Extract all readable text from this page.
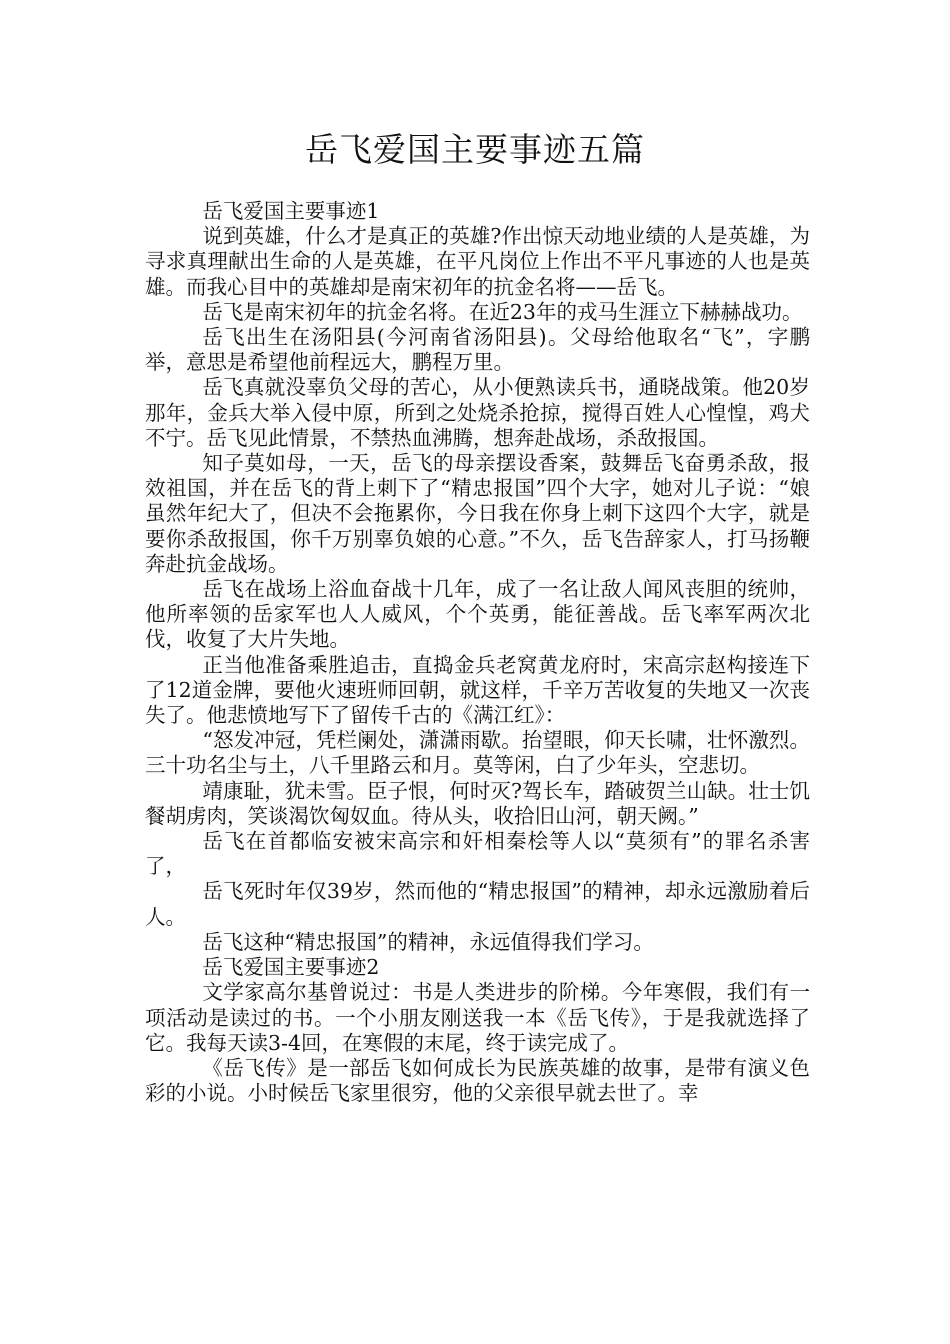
岳飞爱国主要事迹五篇

岳飞爱国主要事迹1

说到英雄，什么才是真正的英雄?作出惊天动地业绩的人是英雄，为寻求真理献出生命的人是英雄，在平凡岗位上作出不平凡事迹的人也是英雄。而我心目中的英雄却是南宋初年的抗金名将——岳飞。

岳飞是南宋初年的抗金名将。在近23年的戎马生涯立下赫赫战功。

岳飞出生在汤阳县(今河南省汤阳县)。父母给他取名“飞”，字鹏举，意思是希望他前程远大，鹏程万里。

岳飞真就没辜负父母的苦心，从小便熟读兵书，通晓战策。他20岁那年，金兵大举入侵中原，所到之处烧杀抢掠，搅得百姓人心惶惶，鸡犬不宁。岳飞见此情景，不禁热血沸腾，想奔赴战场，杀敌报国。

知子莫如母，一天，岳飞的母亲摆设香案，鼓舞岳飞奋勇杀敌，报效祖国，并在岳飞的背上刺下了“精忠报国”四个大字，她对儿子说：“娘虽然年纪大了，但决不会拖累你，今日我在你身上刺下这四个大字，就是要你杀敌报国，你千万别辜负娘的心意。”不久，岳飞告辞家人，打马扬鞭奔赴抗金战场。

岳飞在战场上浴血奋战十几年，成了一名让敌人闻风丧胆的统帅，他所率领的岳家军也人人威风，个个英勇，能征善战。岳飞率军两次北伐，收复了大片失地。

正当他准备乘胜追击，直捣金兵老窝黄龙府时，宋高宗赵构接连下了12道金牌，要他火速班师回朝，就这样，千辛万苦收复的失地又一次丧失了。他悲愤地写下了留传千古的《满江红》：

“怒发冲冠，凭栏阑处，潇潇雨歇。抬望眼，仰天长啸，壮怀激烈。三十功名尘与土，八千里路云和月。莫等闲，白了少年头，空悲切。

靖康耻，犹未雪。臣子恨，何时灭?驾长车，踏破贺兰山缺。壮士饥餐胡虏肉，笑谈渴饮匈奴血。待从头，收拾旧山河，朝天阙。”

岳飞在首都临安被宋高宗和奸相秦桧等人以“莫须有”的罪名杀害了，

岳飞死时年仅39岁，然而他的“精忠报国”的精神，却永远激励着后人。

岳飞这种“精忠报国”的精神，永远值得我们学习。

岳飞爱国主要事迹2

文学家高尔基曾说过：书是人类进步的阶梯。今年寒假，我们有一项活动是读过的书。一个小朋友刚送我一本《岳飞传》，于是我就选择了它。我每天读3-4回，在寒假的末尾，终于读完成了。

《岳飞传》是一部岳飞如何成长为民族英雄的故事，是带有演义色彩的小说。小时候岳飞家里很穷，他的父亲很早就去世了。幸
